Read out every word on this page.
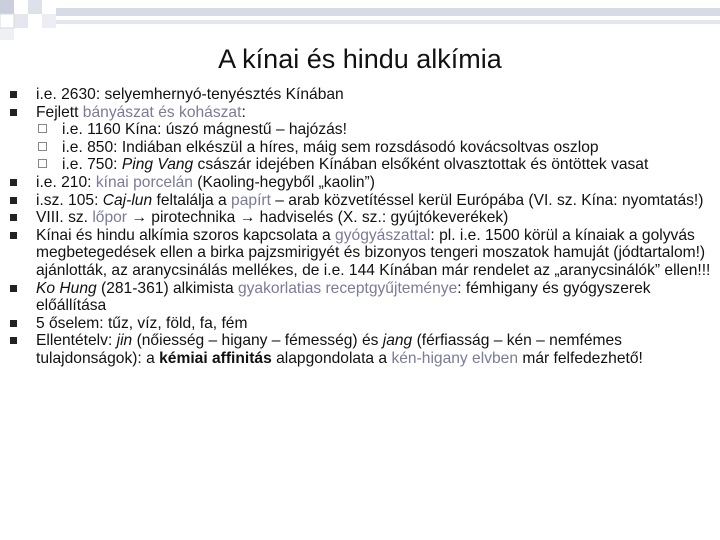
A kínai és hindu alkímia
i.e. 2630: selyemhernyó-tenyésztés Kínában
Fejlett bányászat és kohászat:
i.e. 1160 Kína: úszó mágnestű – hajózás!
i.e. 850: Indiában elkészül a híres, máig sem rozsdásodó kovácsoltvas oszlop
i.e. 750: Ping Vang császár idejében Kínában elsőként olvasztottak és öntöttek vasat
i.e. 210: kínai porcelán (Kaoling-hegyből „kaolin”)
i.sz. 105: Caj-lun feltalálja a papírt – arab közvetítéssel kerül Európába (VI. sz. Kína: nyomtatás!)
VIII. sz. lőpor → pirotechnika → hadviselés (X. sz.: gyújtókeverékek)
Kínai és hindu alkímia szoros kapcsolata a gyógyászattal: pl. i.e. 1500 körül a kínaiak a golyvás megbetegedések ellen a birka pajzsmirigyét és bizonyos tengeri moszatok hamuját (jódtartalom!) ajánlották, az aranycsinálás mellékes, de i.e. 144 Kínában már rendelet az „aranycsinálók” ellen!!!
Ko Hung (281-361) alkimista gyakorlatias receptgyűjteménye: fémhigany és gyógyszerek előállítása
5 őselem: tűz, víz, föld, fa, fém
Ellentételv: jin (nőiesség – higany – fémesség) és jang (férfiasság – kén – nemfémes tulajdonságok): a kémiai affinitás alapgondolata a kén-higany elvben már felfedezhető!
